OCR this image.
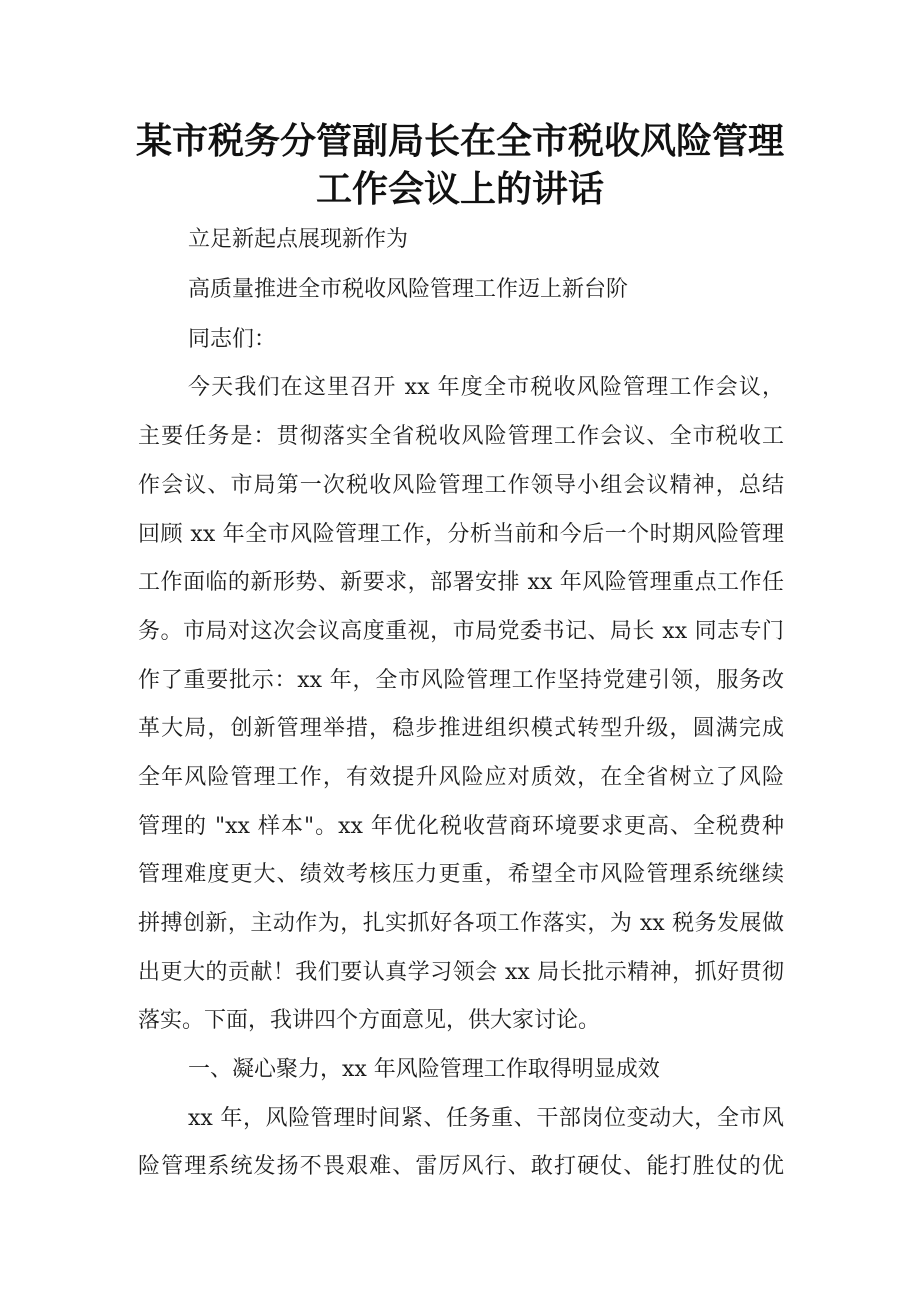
某市税务分管副局长在全市税收风险管理
工作会议上的讲话

立足新起点展现新作为

高质量推进全市税收风险管理工作迈上新台阶

同志们：

今天我们在这里召开 xx 年度全市税收风险管理工作会议，

主要任务是：贯彻落实全省税收风险管理工作会议、全市税收工

作会议、市局第一次税收风险管理工作领导小组会议精神，总结

回顾 xx 年全市风险管理工作，分析当前和今后一个时期风险管理

工作面临的新形势、新要求，部署安排 xx 年风险管理重点工作任

务。市局对这次会议高度重视，市局党委书记、局长 xx 同志专门

作了重要批示：xx 年，全市风险管理工作坚持党建引领，服务改

革大局，创新管理举措，稳步推进组织模式转型升级，圆满完成

全年风险管理工作，有效提升风险应对质效，在全省树立了风险

管理的 "xx 样本"。xx 年优化税收营商环境要求更高、全税费种

管理难度更大、绩效考核压力更重，希望全市风险管理系统继续

拼搏创新，主动作为，扎实抓好各项工作落实，为 xx 税务发展做

出更大的贡献！我们要认真学习领会 xx 局长批示精神，抓好贯彻

落实。下面，我讲四个方面意见，供大家讨论。

一、凝心聚力，xx 年风险管理工作取得明显成效

xx 年，风险管理时间紧、任务重、干部岗位变动大，全市风

险管理系统发扬不畏艰难、雷厉风行、敢打硬仗、能打胜仗的优
